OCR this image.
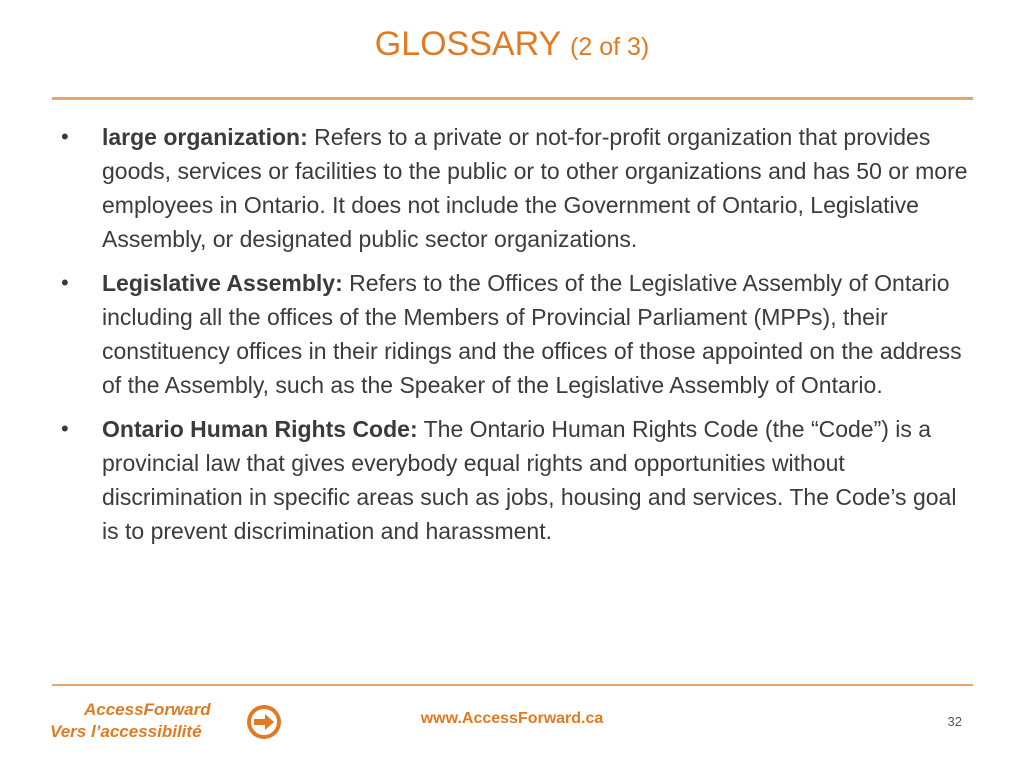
GLOSSARY (2 of 3)
• large organization: Refers to a private or not-for-profit organization that provides goods, services or facilities to the public or to other organizations and has 50 or more employees in Ontario. It does not include the Government of Ontario, Legislative Assembly, or designated public sector organizations.
• Legislative Assembly: Refers to the Offices of the Legislative Assembly of Ontario including all the offices of the Members of Provincial Parliament (MPPs), their constituency offices in their ridings and the offices of those appointed on the address of the Assembly, such as the Speaker of the Legislative Assembly of Ontario.
• Ontario Human Rights Code: The Ontario Human Rights Code (the “Code”) is a provincial law that gives everybody equal rights and opportunities without discrimination in specific areas such as jobs, housing and services. The Code’s goal is to prevent discrimination and harassment.
AccessForward
Vers l’accessibilité
www.AccessForward.ca	32
